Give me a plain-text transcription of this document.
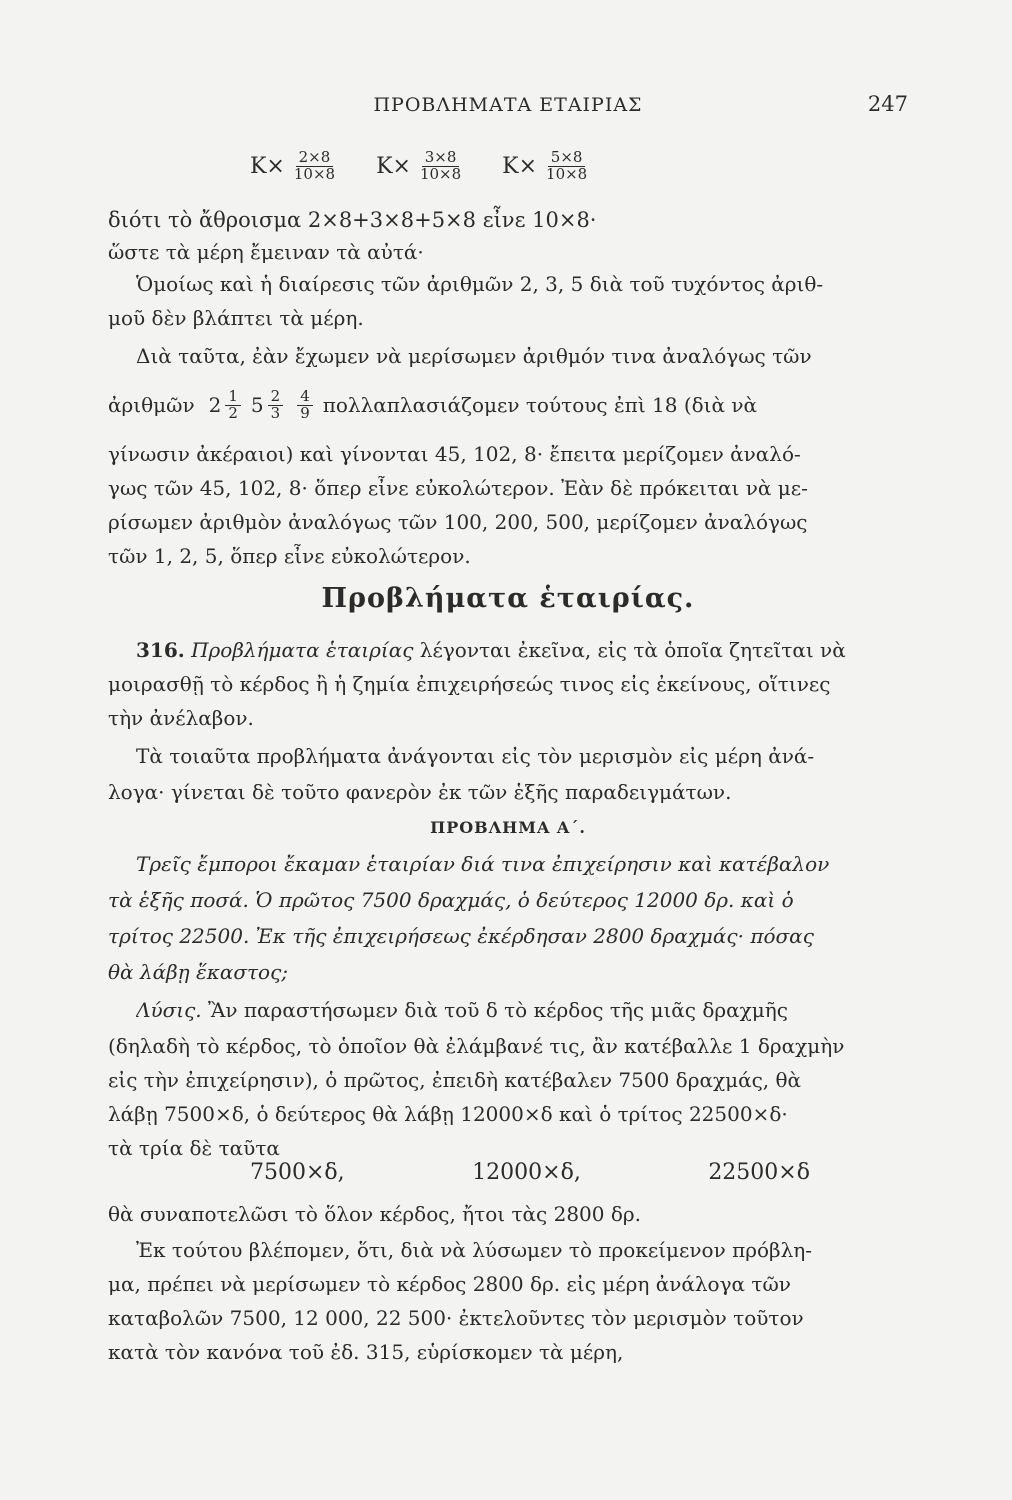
ΠΡΟΒΛΗΜΑΤΑ ΕΤΑΙΡΙΑΣ	247
$K\times \frac{2\times 8}{10\times 8} K\times \frac{3\times 8}{10\times 8} K\times \frac{5\times 8}{10\times 8}$
διότι τὸ ἄθροισμα 2×8+3×8+5×8 εἶνε 10×8·
ὥστε τὰ μέρη ἔμειναν τὰ αὐτά·
Ὁμοίως καὶ ἡ διαίρεσις τῶν ἀριθμῶν 2, 3, 5 διὰ τοῦ τυχόντος ἀριθ-
μοῦ δὲν βλάπτει τὰ μέρη.
Διὰ ταῦτα, ἐὰν ἔχωμεν νὰ μερίσωμεν ἀριθμόν τινα ἀναλόγως τῶν
ἀριθμῶν $2 \frac{1}{2} 5 \frac{2}{3} \frac{4}{9}$ πολλαπλασιάζομεν τούτους ἐπὶ 18 (διὰ νὰ
γίνωσιν ἀκέραιοι) καὶ γίνονται 45, 102, 8· ἔπειτα μερίζομεν ἀναλό-
γως τῶν 45, 102, 8· ὅπερ εἶνε εὐκολώτερον. Ἐὰν δὲ πρόκειται νὰ με-
ρίσωμεν ἀριθμὸν ἀναλόγως τῶν 100, 200, 500, μερίζομεν ἀναλόγως
τῶν 1, 2, 5, ὅπερ εἶνε εὐκολώτερον.
Προβλήματα ἑταιρίας.
316. Προβλήματα ἑταιρίας λέγονται ἐκεῖνα, εἰς τὰ ὁποῖα ζητεῖται νὰ
μοιρασθῇ τὸ κέρδος ἢ ἡ ζημία ἐπιχειρήσεώς τινος εἰς ἐκείνους, οἵτινες
τὴν ἀνέλαβον.
Τὰ τοιαῦτα προβλήματα ἀνάγονται εἰς τὸν μερισμὸν εἰς μέρη ἀνά-
λογα· γίνεται δὲ τοῦτο φανερὸν ἐκ τῶν ἑξῆς παραδειγμάτων.
ΠΡΟΒΛΗΜΑ Α΄.
Τρεῖς ἔμποροι ἔκαμαν ἑταιρίαν διά τινα ἐπιχείρησιν καὶ κατέβαλον
τὰ ἑξῆς ποσά. Ὁ πρῶτος 7500 δραχμάς, ὁ δεύτερος 12000 δρ. καὶ ὁ
τρίτος 22500. Ἐκ τῆς ἐπιχειρήσεως ἐκέρδησαν 2800 δραχμάς· πόσας
θὰ λάβῃ ἕκαστος;
Λύσις. Ἂν παραστήσωμεν διὰ τοῦ δ τὸ κέρδος τῆς μιᾶς δραχμῆς
(δηλαδὴ τὸ κέρδος, τὸ ὁποῖον θὰ ἐλάμβανέ τις, ἂν κατέβαλλε 1 δραχμὴν
εἰς τὴν ἐπιχείρησιν), ὁ πρῶτος, ἐπειδὴ κατέβαλεν 7500 δραχμάς, θὰ
λάβῃ 7500×δ, ὁ δεύτερος θὰ λάβῃ 12000×δ καὶ ὁ τρίτος 22500×δ·
τὰ τρία δὲ ταῦτα
7500×δ,	12000×δ,	22500×δ
θὰ συναποτελῶσι τὸ ὅλον κέρδος, ἤτοι τὰς 2800 δρ.
Ἐκ τούτου βλέπομεν, ὅτι, διὰ νὰ λύσωμεν τὸ προκείμενον πρόβλη-
μα, πρέπει νὰ μερίσωμεν τὸ κέρδος 2800 δρ. εἰς μέρη ἀνάλογα τῶν
καταβολῶν 7500, 12 000, 22 500· ἐκτελοῦντες τὸν μερισμὸν τοῦτον
κατὰ τὸν κανόνα τοῦ ἐδ. 315, εὑρίσκομεν τὰ μέρη,
